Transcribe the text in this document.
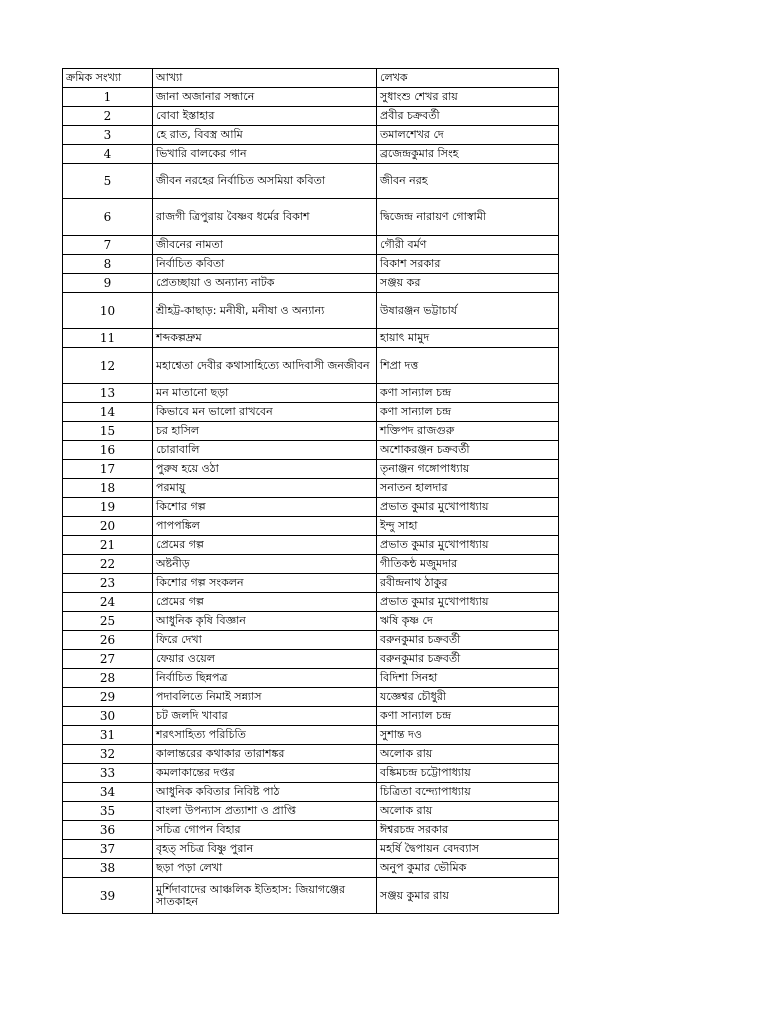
ক্রমিক সংখ্যা	আখ্যা	লেখক
1	জানা অজানার সন্ধানে	সুধাংশু শেখর রায়
2	বোবা ইস্তাহার	প্রবীর চক্রবর্তী
3	হে রাত, বিবস্ত্র আমি	তমালশেখর দে
4	ভিখারি বালকের গান	ব্রজেন্দ্রকুমার সিংহ
5	জীবন নরহের নির্বাচিত অসমিয়া কবিতা	জীবন নরহ
6	রাজগী ত্রিপুরায় বৈষ্ণব ধর্মের বিকাশ	দ্বিজেন্দ্র নারায়ণ গোস্বামী
7	জীবনের নামতা	গৌরী বর্মণ
8	নির্বাচিত কবিতা	বিকাশ সরকার
9	প্রেতচ্ছায়া ও অন্যান্য নাটক	সঞ্জয় কর
10	শ্রীহট্ট-কাছাড়: মনীষী, মনীষা ও অন্যান্য	উষারঞ্জন ভট্টাচার্য
11	শব্দকল্পদ্রুম	হায়াৎ মামুদ
12	মহাশ্বেতা দেবীর কথাসাহিত্যে আদিবাসী জনজীবন	শিপ্রা দত্ত
13	মন মাতানো ছড়া	কণা সান্যাল চন্দ্র
14	কিভাবে মন ভালো রাখবেন	কণা সান্যাল চন্দ্র
15	চর হাসিল	শক্তিপদ রাজগুরু
16	চোরাবালি	অশোকরঞ্জন চক্রবর্তী
17	পুরুষ হয়ে ওঠা	তৃনাঞ্জন গঙ্গোপাধ্যায়
18	পরমায়ু	সনাতন হালদার
19	কিশোর গল্প	প্রভাত কুমার মুখোপাধ্যায়
20	পাপপঙ্কিল	ইন্দু সাহা
21	প্রেমের গল্প	প্রভাত কুমার মুখোপাধ্যায়
22	অষ্টনীড়	গীতিকন্ঠ মজুমদার
23	কিশোর গল্প সংকলন	রবীন্দ্রনাথ ঠাকুর
24	প্রেমের গল্প	প্রভাত কুমার মুখোপাধ্যায়
25	আধুনিক কৃষি বিজ্ঞান	ঋষি কৃষ্ণ দে
26	ফিরে দেখা	বরুনকুমার চক্রবর্তী
27	ফেয়ার ওয়েল	বরুনকুমার চক্রবর্তী
28	নির্বাচিত ছিন্নপত্র	বিদিশা সিনহা
29	পদাবলিতে নিমাই সন্ন্যাস	যজ্ঞেশ্বর চৌধুরী
30	চট জলদি খাবার	কণা সান্যাল চন্দ্র
31	শরৎসাহিত্য পরিচিতি	সুশান্ত দও
32	কালান্তরের কথাকার তারাশঙ্কর	অলোক রায়
33	কমলাকান্তের দপ্তর	বঙ্কিমচন্দ্র চট্টোপাধ্যায়
34	আধুনিক কবিতার নিবিষ্ট পাঠ	চিত্রিতা বন্দ্যোপাধ্যায়
35	বাংলা উপন্যাস প্রত্যাশা ও প্রাপ্তি	অলোক রায়
36	সচিত্র গোপন বিহার	ঈশ্বরচন্দ্র সরকার
37	বৃহত্ সচিত্র বিষ্ণু পুরান	মহর্ষি দ্বৈপায়ন বেদব্যাস
38	ছড়া পড়া লেখা	অনুপ কুমার ভৌমিক
39	মুর্শিদাবাদের আঞ্চলিক ইতিহাস: জিয়াগঞ্জের সাতকাহন	সঞ্জয় কুমার রায়
